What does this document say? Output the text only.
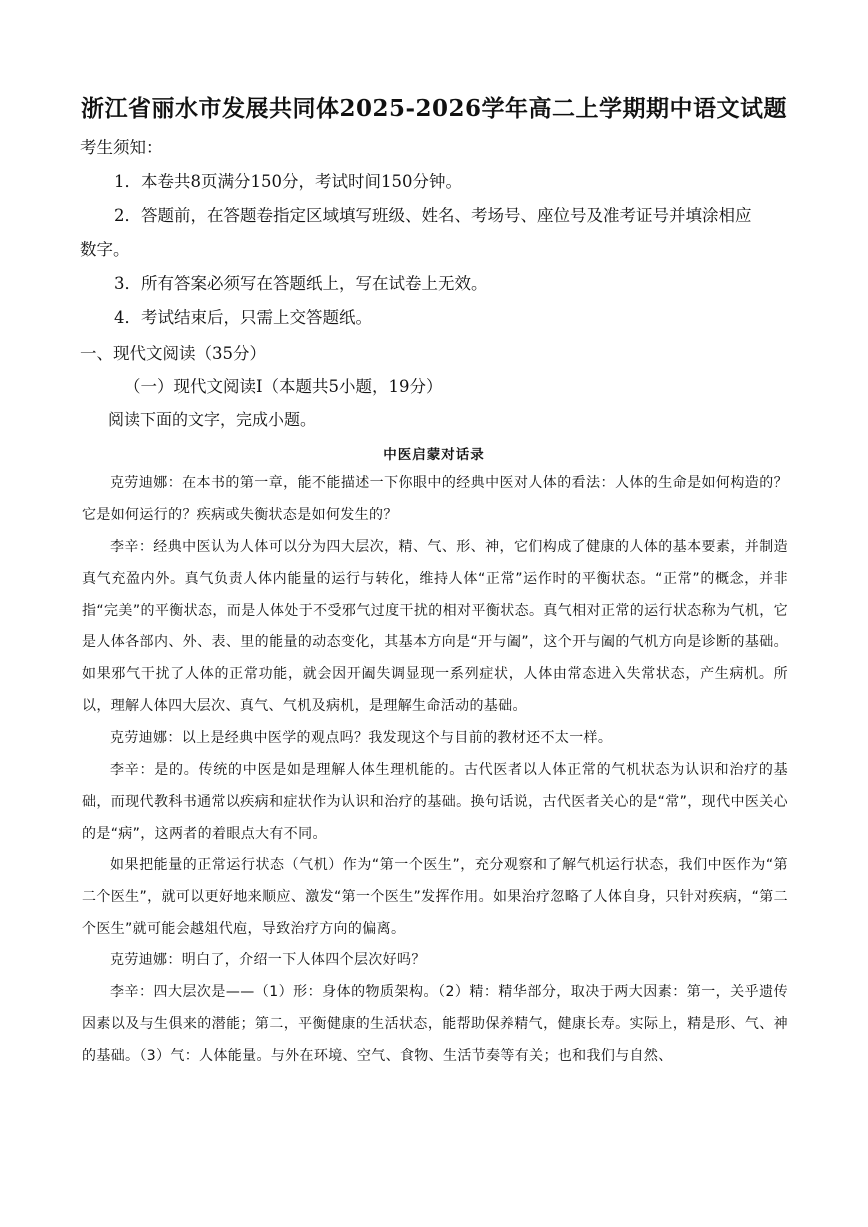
浙江省丽水市发展共同体2025-2026学年高二上学期期中语文试题
考生须知：
1．本卷共8页满分150分，考试时间150分钟。
2．答题前，在答题卷指定区域填写班级、姓名、考场号、座位号及准考证号并填涂相应
数字。
3．所有答案必须写在答题纸上，写在试卷上无效。
4．考试结束后，只需上交答题纸。
一、现代文阅读（35分）
（一）现代文阅读Ⅰ（本题共5小题，19分）
阅读下面的文字，完成小题。
中医启蒙对话录
克劳迪娜：在本书的第一章，能不能描述一下你眼中的经典中医对人体的看法：人体的生命是如何构造的？它是如何运行的？疾病或失衡状态是如何发生的？
李辛：经典中医认为人体可以分为四大层次，精、气、形、神，它们构成了健康的人体的基本要素，并制造真气充盈内外。真气负责人体内能量的运行与转化，维持人体“正常”运作时的平衡状态。“正常”的概念，并非指“完美”的平衡状态，而是人体处于不受邪气过度干扰的相对平衡状态。真气相对正常的运行状态称为气机，它是人体各部内、外、表、里的能量的动态变化，其基本方向是“开与阖”，这个开与阖的气机方向是诊断的基础。如果邪气干扰了人体的正常功能，就会因开阖失调显现一系列症状，人体由常态进入失常状态，产生病机。所以，理解人体四大层次、真气、气机及病机，是理解生命活动的基础。
克劳迪娜：以上是经典中医学的观点吗？我发现这个与目前的教材还不太一样。
李辛：是的。传统的中医是如是理解人体生理机能的。古代医者以人体正常的气机状态为认识和治疗的基础，而现代教科书通常以疾病和症状作为认识和治疗的基础。换句话说，古代医者关心的是“常”，现代中医关心的是“病”，这两者的着眼点大有不同。
如果把能量的正常运行状态（气机）作为“第一个医生”，充分观察和了解气机运行状态，我们中医作为“第二个医生”，就可以更好地来顺应、激发“第一个医生”发挥作用。如果治疗忽略了人体自身，只针对疾病，“第二个医生”就可能会越俎代庖，导致治疗方向的偏离。
克劳迪娜：明白了，介绍一下人体四个层次好吗？
李辛：四大层次是——（1）形：身体的物质架构。（2）精：精华部分，取决于两大因素：第一，关乎遗传因素以及与生俱来的潜能；第二，平衡健康的生活状态，能帮助保养精气，健康长寿。实际上，精是形、气、神的基础。（3）气：人体能量。与外在环境、空气、食物、生活节奏等有关；也和我们与自然、
